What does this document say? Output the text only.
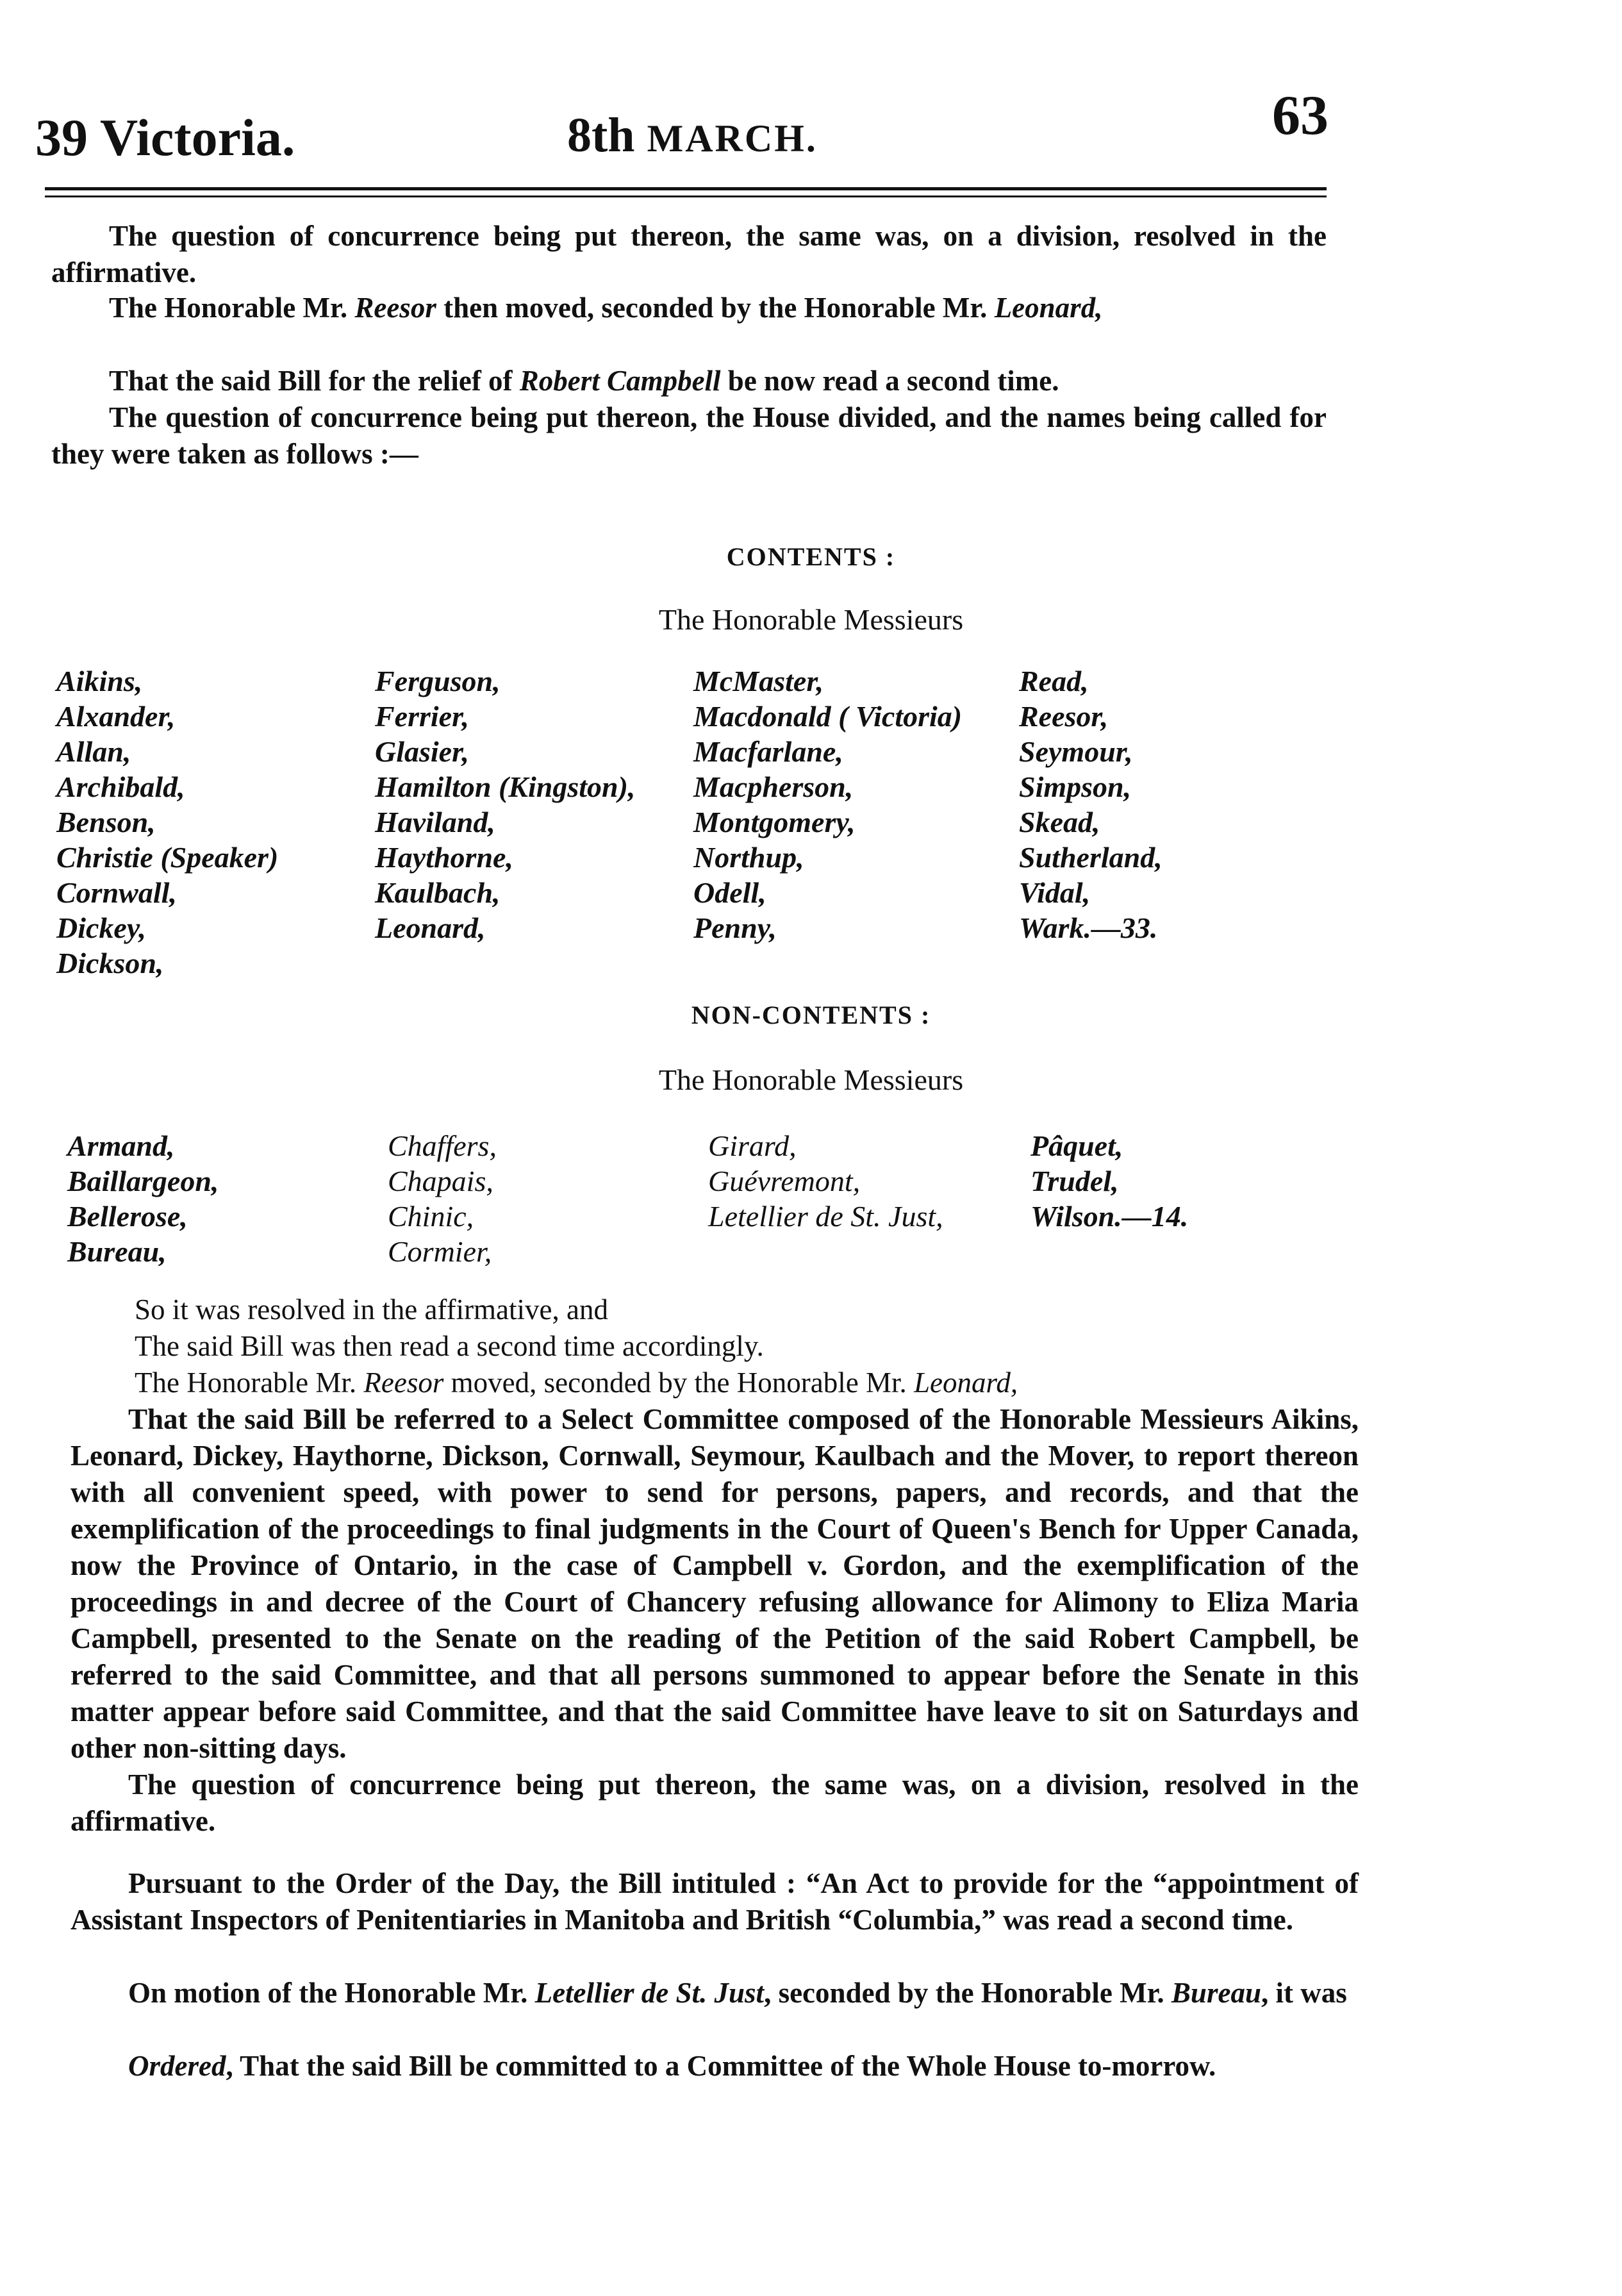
39 Victoria.	8th MARCH.	63

The question of concurrence being put thereon, the same was, on a division, resolved in the affirmative.

The Honorable Mr. Reesor then moved, seconded by the Honorable Mr. Leonard,

That the said Bill for the relief of Robert Campbell be now read a second time.

The question of concurrence being put thereon, the House divided, and the names being called for they were taken as follows :—

CONTENTS :
The Honorable Messieurs
Aikins,
Alxander,
Allan,
Archibald,
Benson,
Christie (Speaker)
Cornwall,
Dickey,
Dickson,
Ferguson,
Ferrier,
Glasier,
Hamilton (Kingston),
Haviland,
Haythorne,
Kaulbach,
Leonard,
McMaster,
Macdonald ( Victoria)
Macfarlane,
Macpherson,
Montgomery,
Northup,
Odell,
Penny,
Read,
Reesor,
Seymour,
Simpson,
Skead,
Sutherland,
Vidal,
Wark.—33.
NON-CONTENTS :
The Honorable Messieurs
Armand,
Baillargeon,
Bellerose,
Bureau,
Chaffers,
Chapais,
Chinic,
Cormier,
Girard,
Guévremont,
Letellier de St. Just,
Pâquet,
Trudel,
Wilson.—14.

So it was resolved in the affirmative, and

The said Bill was then read a second time accordingly.

The Honorable Mr. Reesor moved, seconded by the Honorable Mr. Leonard,

That the said Bill be referred to a Select Committee composed of the Honorable Messieurs Aikins, Leonard, Dickey, Haythorne, Dickson, Cornwall, Seymour, Kaulbach and the Mover, to report thereon with all convenient speed, with power to send for persons, papers, and records, and that the exemplification of the proceedings to final judgments in the Court of Queen's Bench for Upper Canada, now the Province of Ontario, in the case of Campbell v. Gordon, and the exemplification of the proceedings in and decree of the Court of Chancery refusing allowance for Alimony to Eliza Maria Campbell, presented to the Senate on the reading of the Petition of the said Robert Campbell, be referred to the said Committee, and that all persons summoned to appear before the Senate in this matter appear before said Committee, and that the said Committee have leave to sit on Saturdays and other non-sitting days.

The question of concurrence being put thereon, the same was, on a division, resolved in the affirmative.

Pursuant to the Order of the Day, the Bill intituled : “An Act to provide for the “appointment of Assistant Inspectors of Penitentiaries in Manitoba and British “Columbia,” was read a second time.

On motion of the Honorable Mr. Letellier de St. Just, seconded by the Honorable Mr. Bureau, it was

Ordered, That the said Bill be committed to a Committee of the Whole House to-morrow.
